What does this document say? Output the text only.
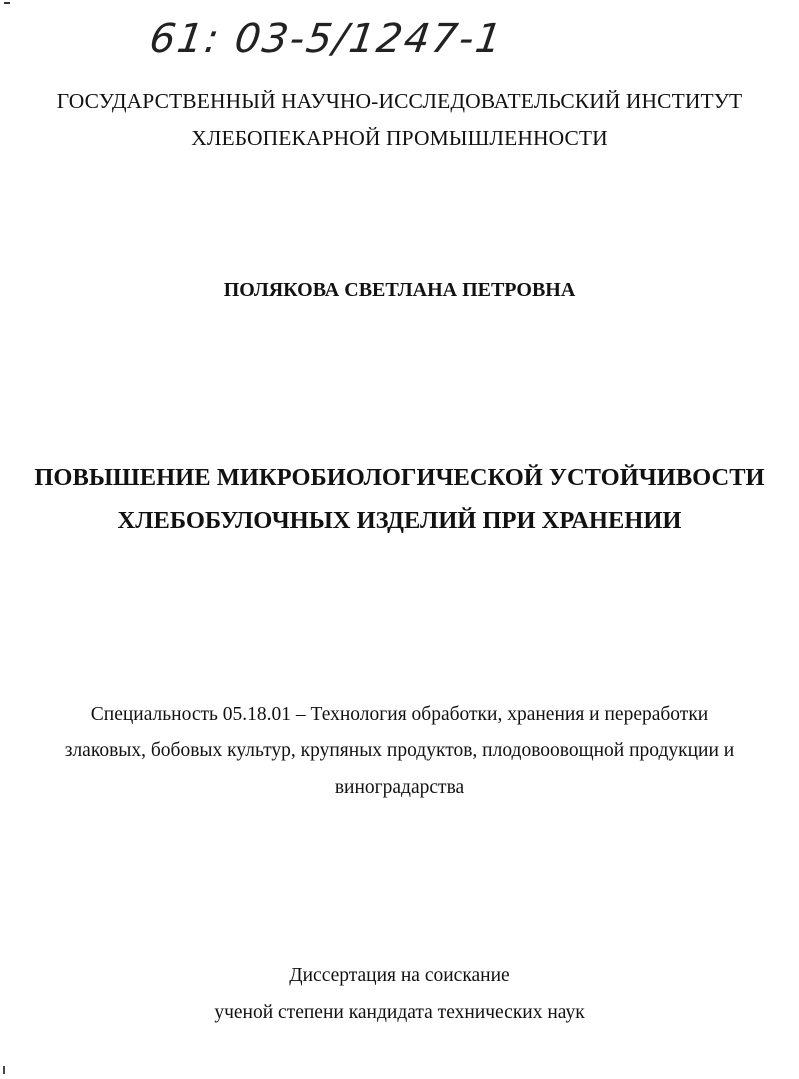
61: 03-5/1247-1
ГОСУДАРСТВЕННЫЙ НАУЧНО-ИССЛЕДОВАТЕЛЬСКИЙ ИНСТИТУТ
ХЛЕБОПЕКАРНОЙ ПРОМЫШЛЕННОСТИ
ПОЛЯКОВА СВЕТЛАНА ПЕТРОВНА
ПОВЫШЕНИЕ МИКРОБИОЛОГИЧЕСКОЙ УСТОЙЧИВОСТИ
ХЛЕБОБУЛОЧНЫХ ИЗДЕЛИЙ ПРИ ХРАНЕНИИ
Специальность 05.18.01 – Технология обработки, хранения и переработки
злаковых, бобовых культур, крупяных продуктов, плодовоовощной продукции и
виноградарства
Диссертация на соискание
ученой степени кандидата технических наук
